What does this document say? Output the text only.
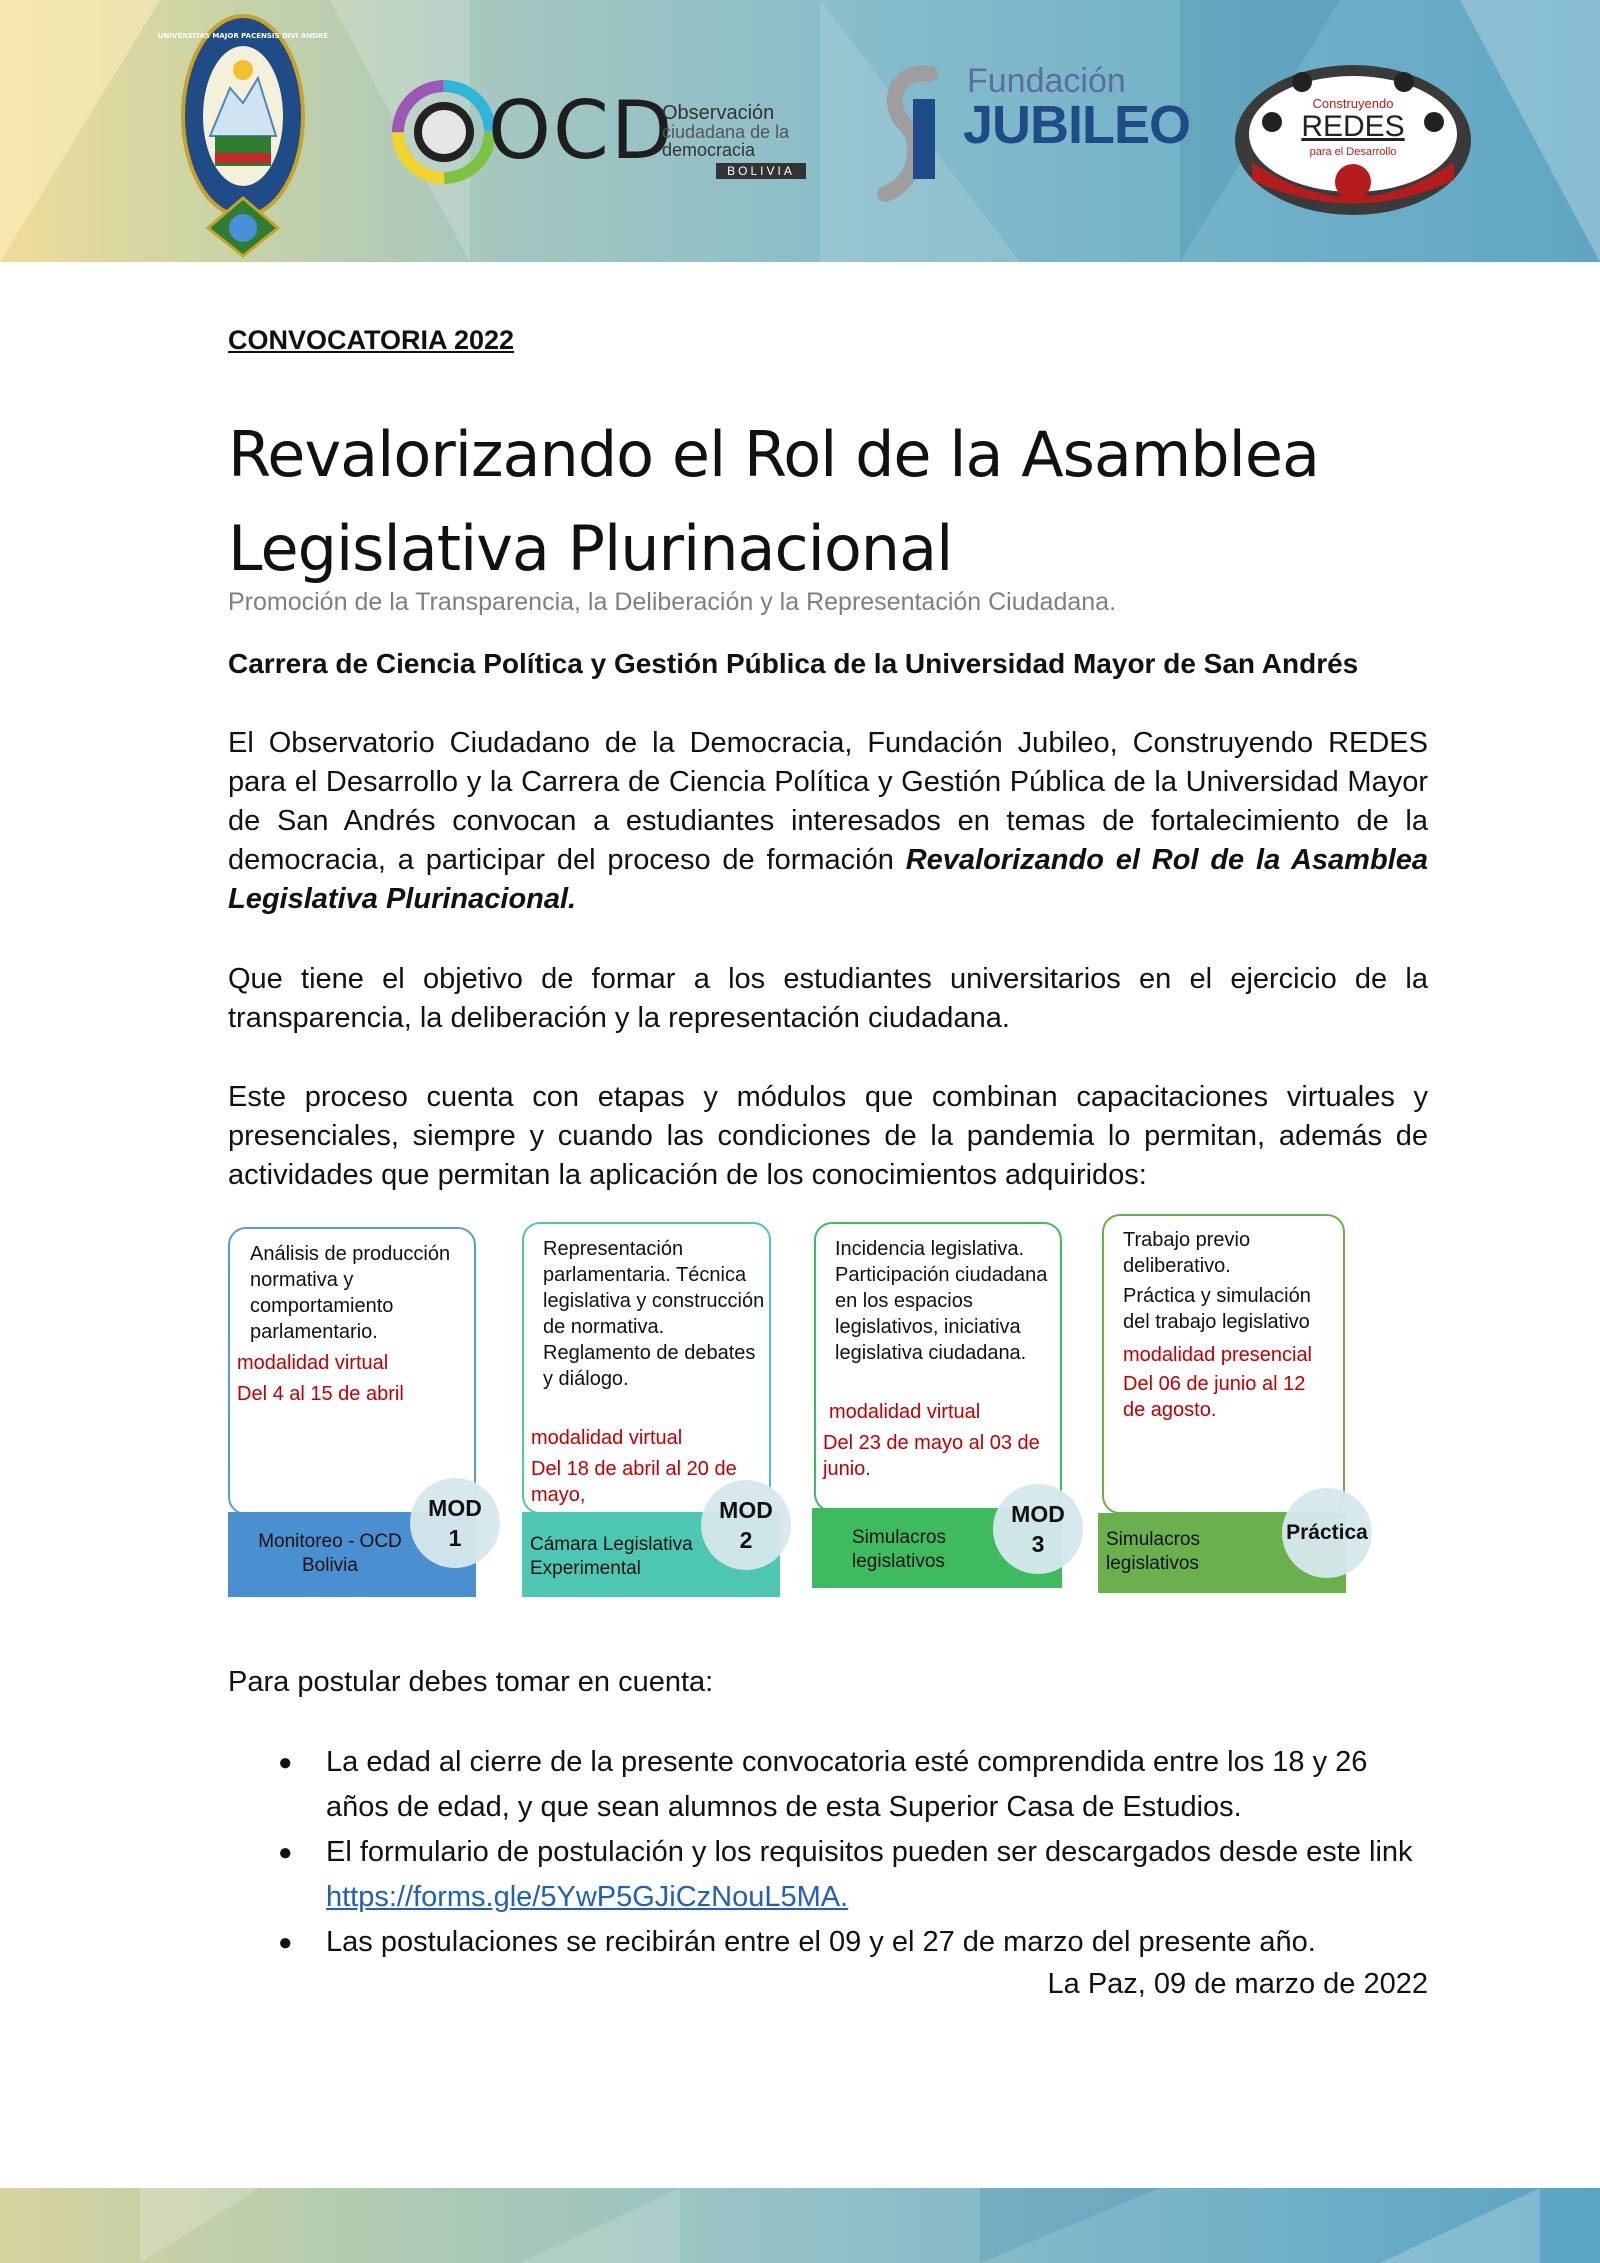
UNIVERSITAS MAJOR PACENSIS DIVI ANDRE
OCD
Observación
ciudadana de la
democracia
BOLIVIA
Fundación
JUBILEO	Construyendo
REDES
para el Desarrollo
CONVOCATORIA 2022
Revalorizando el Rol de la Asamblea
Legislativa Plurinacional
Promoción de la Transparencia, la Deliberación y la Representación Ciudadana.
Carrera de Ciencia Política y Gestión Pública de la Universidad Mayor de San Andrés
El Observatorio Ciudadano de la Democracia, Fundación Jubileo, Construyendo REDES para el Desarrollo y la Carrera de Ciencia Política y Gestión Pública de la Universidad Mayor de San Andrés convocan a estudiantes interesados en temas de fortalecimiento de la democracia, a participar del proceso de formación Revalorizando el Rol de la Asamblea Legislativa Plurinacional.
Que tiene el objetivo de formar a los estudiantes universitarios en el ejercicio de la transparencia, la deliberación y la representación ciudadana.
Este proceso cuenta con etapas y módulos que combinan capacitaciones virtuales y presenciales, siempre y cuando las condiciones de la pandemia lo permitan, además de actividades que permitan la aplicación de los conocimientos adquiridos:
Análisis de producción normativa y comportamiento parlamentario.
modalidad virtual
Del 4 al 15 de abril
Monitoreo - OCD Bolivia
MOD
1
Representación parlamentaria. Técnica legislativa y construcción de normativa. Reglamento de debates y diálogo.
modalidad virtual
Del 18 de abril al 20 de mayo,
Cámara Legislativa Experimental
MOD
2
Incidencia legislativa. Participación ciudadana en los espacios legislativos, iniciativa legislativa ciudadana.
modalidad virtual
Del 23 de mayo al 03 de junio.
Simulacros legislativos
MOD
3
Trabajo previo deliberativo.
Práctica y simulación del trabajo legislativo
modalidad presencial
Del 06 de junio al 12 de agosto.
Simulacros legislativos
Práctica
Para postular debes tomar en cuenta:
● La edad al cierre de la presente convocatoria esté comprendida entre los 18 y 26 años de edad, y que sean alumnos de esta Superior Casa de Estudios.
● El formulario de postulación y los requisitos pueden ser descargados desde este link https://forms.gle/5YwP5GJiCzNouL5MA.
● Las postulaciones se recibirán entre el 09 y el 27 de marzo del presente año.
La Paz, 09 de marzo de 2022
